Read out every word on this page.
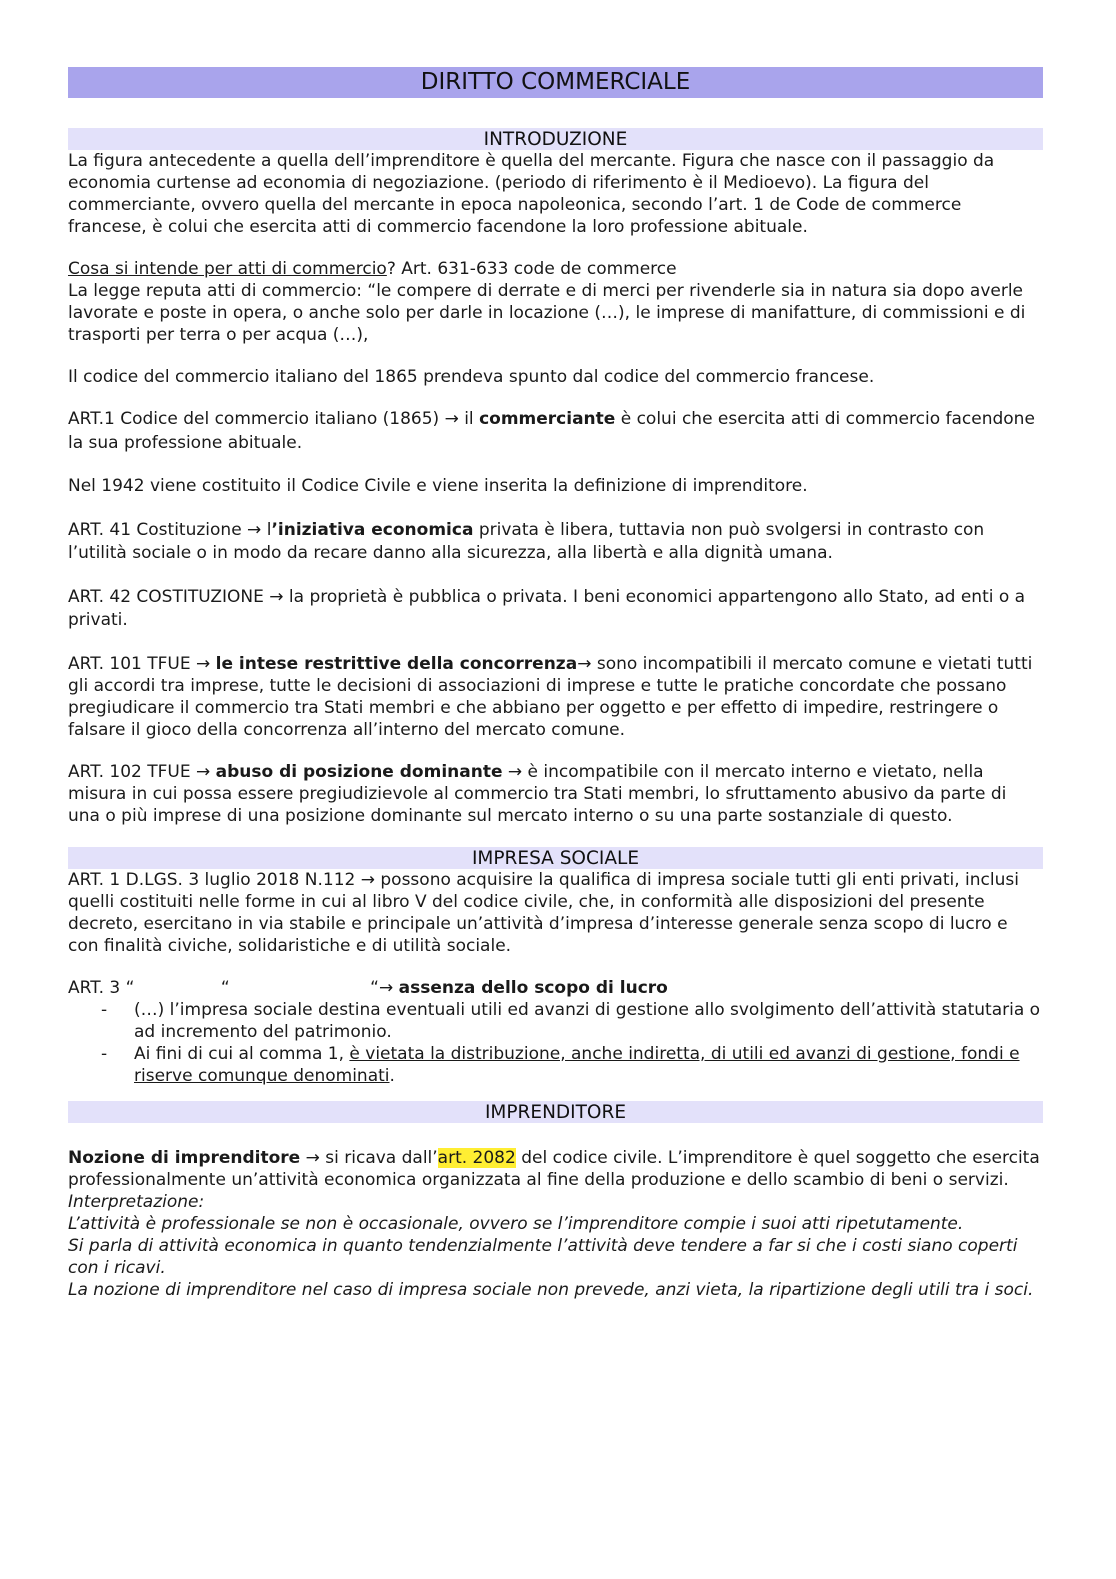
DIRITTO COMMERCIALE
INTRODUZIONE

La figura antecedente a quella dell’imprenditore è quella del mercante. Figura che nasce con il passaggio da economia curtense ad economia di negoziazione. (periodo di riferimento è il Medioevo). La figura del commerciante, ovvero quella del mercante in epoca napoleonica, secondo l’art. 1 de Code de commerce francese, è colui che esercita atti di commercio facendone la loro professione abituale.

Cosa si intende per atti di commercio? Art. 631-633 code de commerce

La legge reputa atti di commercio: “le compere di derrate e di merci per rivenderle sia in natura sia dopo averle lavorate e poste in opera, o anche solo per darle in locazione (…), le imprese di manifatture, di commissioni e di trasporti per terra o per acqua (…),

Il codice del commercio italiano del 1865 prendeva spunto dal codice del commercio francese.

ART.1 Codice del commercio italiano (1865) → il commerciante è colui che esercita atti di commercio facendone la sua professione abituale.

Nel 1942 viene costituito il Codice Civile e viene inserita la definizione di imprenditore.

ART. 41 Costituzione → l’iniziativa economica privata è libera, tuttavia non può svolgersi in contrasto con l’utilità sociale o in modo da recare danno alla sicurezza, alla libertà e alla dignità umana.

ART. 42 COSTITUZIONE → la proprietà è pubblica o privata. I beni economici appartengono allo Stato, ad enti o a privati.

ART. 101 TFUE → le intese restrittive della concorrenza→ sono incompatibili il mercato comune e vietati tutti gli accordi tra imprese, tutte le decisioni di associazioni di imprese e tutte le pratiche concordate che possano pregiudicare il commercio tra Stati membri e che abbiano per oggetto e per effetto di impedire, restringere o falsare il gioco della concorrenza all’interno del mercato comune.

ART. 102 TFUE → abuso di posizione dominante → è incompatibile con il mercato interno e vietato, nella misura in cui possa essere pregiudizievole al commercio tra Stati membri, lo sfruttamento abusivo da parte di una o più imprese di una posizione dominante sul mercato interno o su una parte sostanziale di questo.

IMPRESA SOCIALE

ART. 1 D.LGS. 3 luglio 2018 N.112 → possono acquisire la qualifica di impresa sociale tutti gli enti privati, inclusi quelli costituiti nelle forme in cui al libro V del codice civile, che, in conformità alle disposizioni del presente decreto, esercitano in via stabile e principale un’attività d’impresa d’interesse generale senza scopo di lucro e con finalità civiche, solidaristiche e di utilità sociale.

ART. 3 “                “                          “→ assenza dello scopo di lucro

- (…) l’impresa sociale destina eventuali utili ed avanzi di gestione allo svolgimento dell’attività statutaria o ad incremento del patrimonio.
- Ai fini di cui al comma 1, è vietata la distribuzione, anche indiretta, di utili ed avanzi di gestione, fondi e riserve comunque denominati.
IMPRENDITORE

Nozione di imprenditore → si ricava dall’art. 2082 del codice civile. L’imprenditore è quel soggetto che esercita professionalmente un’attività economica organizzata al fine della produzione e dello scambio di beni o servizi.

Interpretazione:

L’attività è professionale se non è occasionale, ovvero se l’imprenditore compie i suoi atti ripetutamente.

Si parla di attività economica in quanto tendenzialmente l’attività deve tendere a far si che i costi siano coperti con i ricavi.

La nozione di imprenditore nel caso di impresa sociale non prevede, anzi vieta, la ripartizione degli utili tra i soci.
